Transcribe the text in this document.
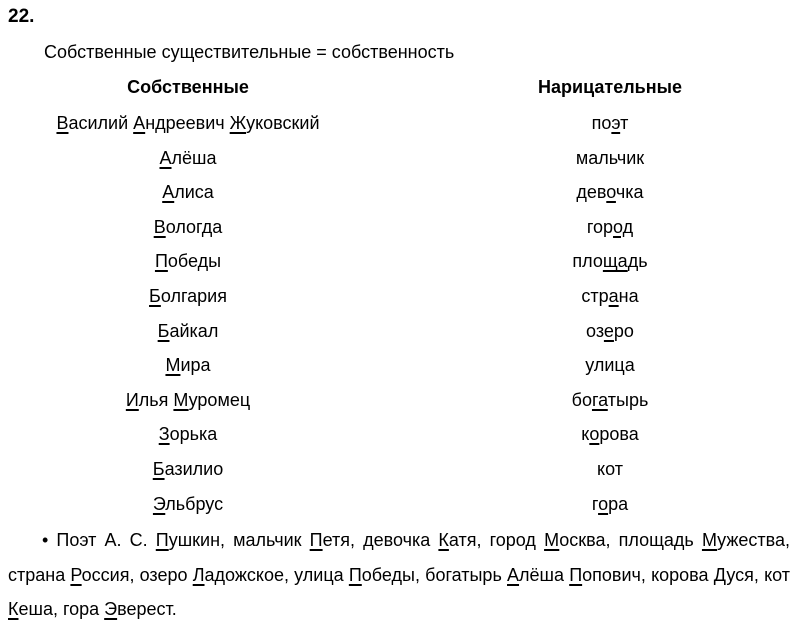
22.
Собственные существительные = собственность
Собственные	Нарицательные
Василий Андреевич Жуковский	поэт
Алёша	мальчик
Алиса	девочка
Вологда	город
Победы	площадь
Болгария	страна
Байкал	озеро
Мира	улица
Илья Муромец	богатырь
Зорька	корова
Базилио	кот
Эльбрус	гора
• Поэт А. С. Пушкин, мальчик Петя, девочка Катя, город Москва, площадь Мужества, страна Россия, озеро Ладожское, улица Победы, богатырь Алёша Попович, корова Дуся, кот Кеша, гора Эверест.
